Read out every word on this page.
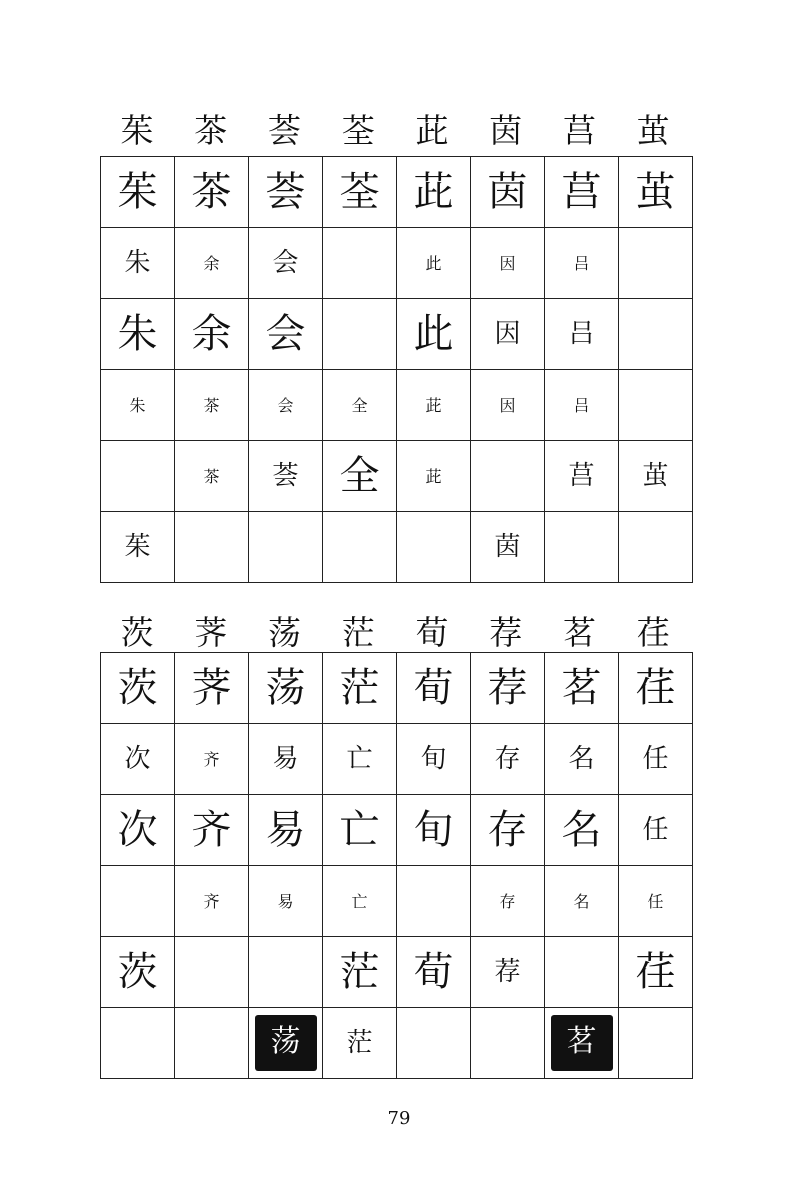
茱	茶	荟	荃	茈	茵	莒	茧
茱	茶	荟	荃	茈	茵	莒	茧
朱	余	会		此	因	吕	
朱	余	会		此	因	吕	
朱	茶	会	全	茈	因	吕	
	茶	荟	全	茈		莒	茧
茱					茵		
茨	荠	荡	茫	荀	荐	茗	荏
茨	荠	荡	茫	荀	荐	茗	荏
次	齐	易	亡	旬	存	名	任
次	齐	易	亡	旬	存	名	任
	齐	易	亡		存	名	任
茨			茫	荀	荐		荏
		荡	茫			茗	
79
